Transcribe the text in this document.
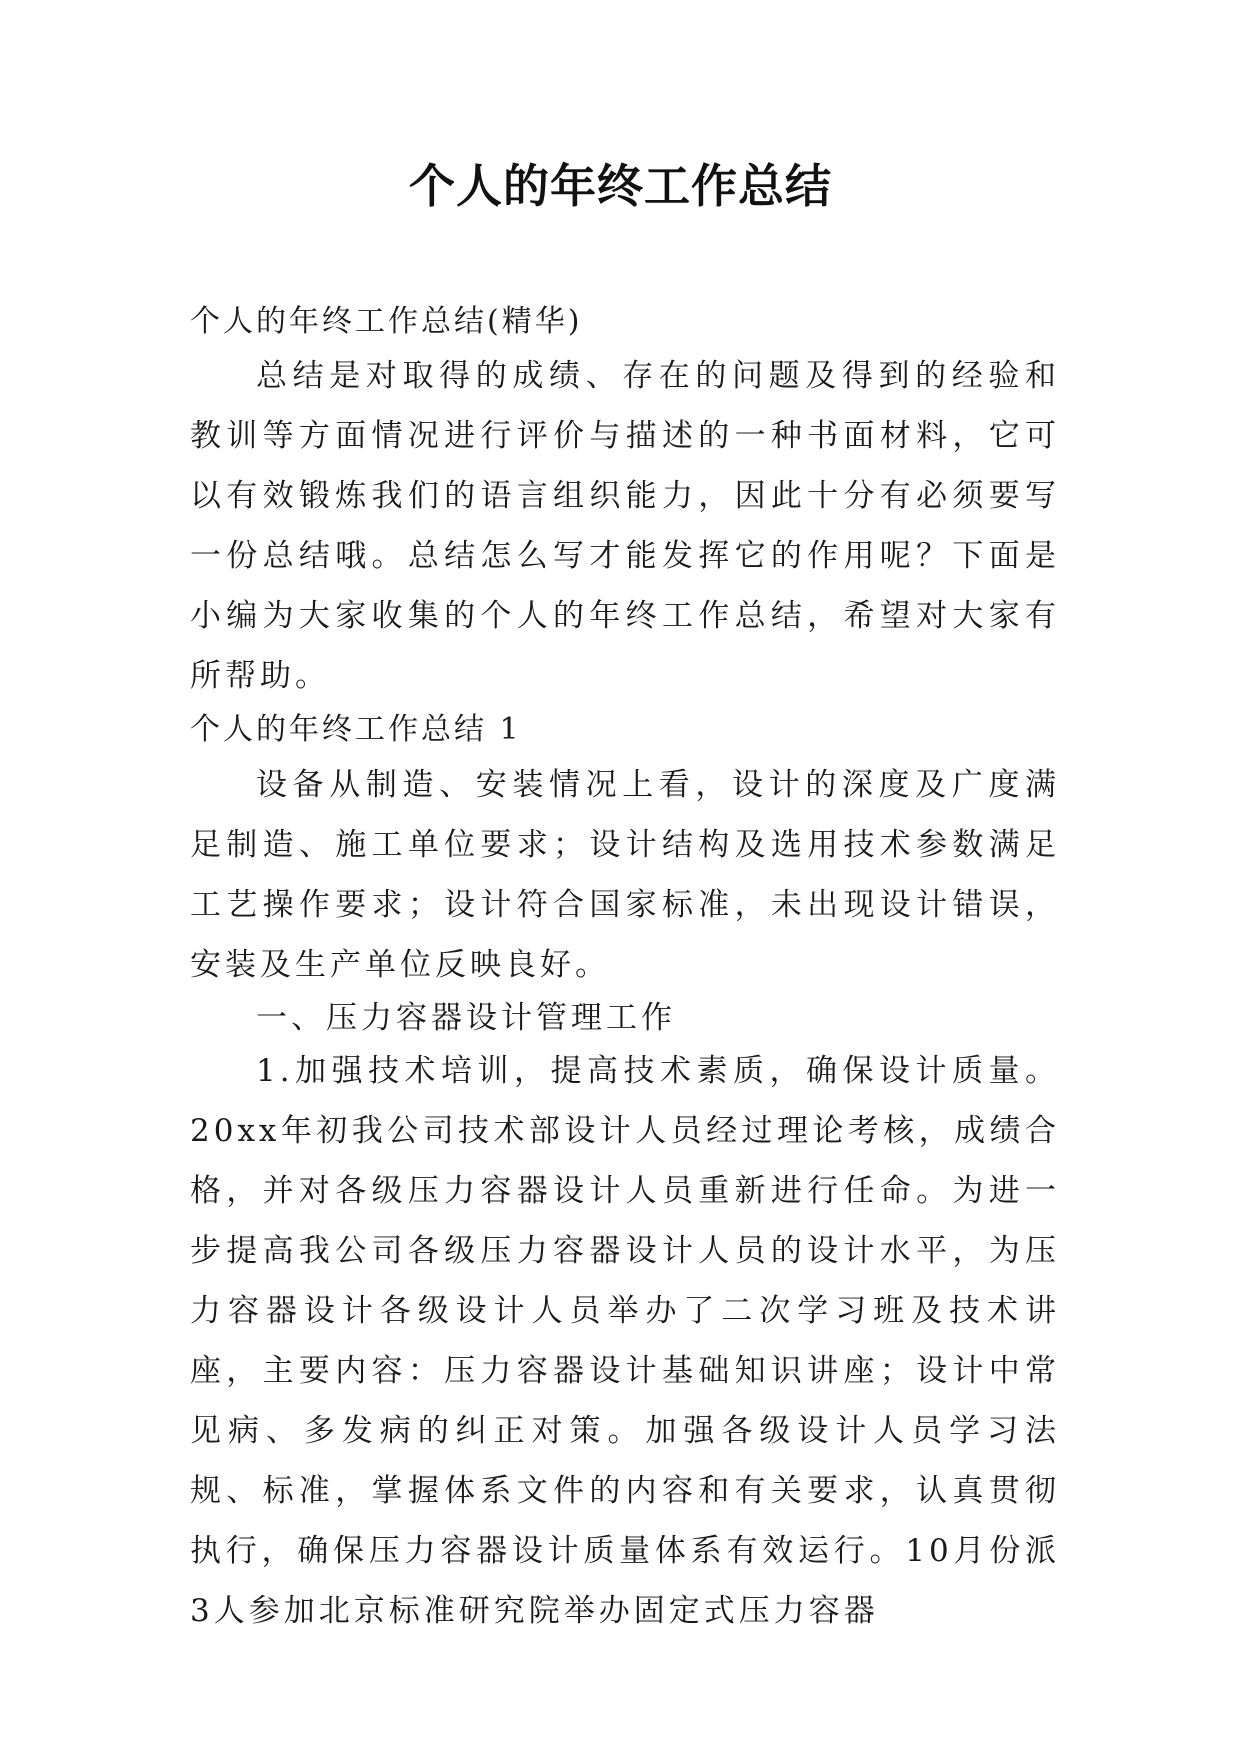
个人的年终工作总结
个人的年终工作总结(精华)
总结是对取得的成绩、存在的问题及得到的经验和教训等方面情况进行评价与描述的一种书面材料，它可以有效锻炼我们的语言组织能力，因此十分有必须要写一份总结哦。总结怎么写才能发挥它的作用呢？下面是小编为大家收集的个人的年终工作总结，希望对大家有所帮助。
个人的年终工作总结 1
设备从制造、安装情况上看，设计的深度及广度满足制造、施工单位要求；设计结构及选用技术参数满足工艺操作要求；设计符合国家标准，未出现设计错误，安装及生产单位反映良好。
一、压力容器设计管理工作
1.加强技术培训，提高技术素质，确保设计质量。20xx年初我公司技术部设计人员经过理论考核，成绩合格，并对各级压力容器设计人员重新进行任命。为进一步提高我公司各级压力容器设计人员的设计水平，为压力容器设计各级设计人员举办了二次学习班及技术讲座，主要内容：压力容器设计基础知识讲座；设计中常见病、多发病的纠正对策。加强各级设计人员学习法规、标准，掌握体系文件的内容和有关要求，认真贯彻执行，确保压力容器设计质量体系有效运行。10月份派3人参加北京标准研究院举办固定式压力容器
